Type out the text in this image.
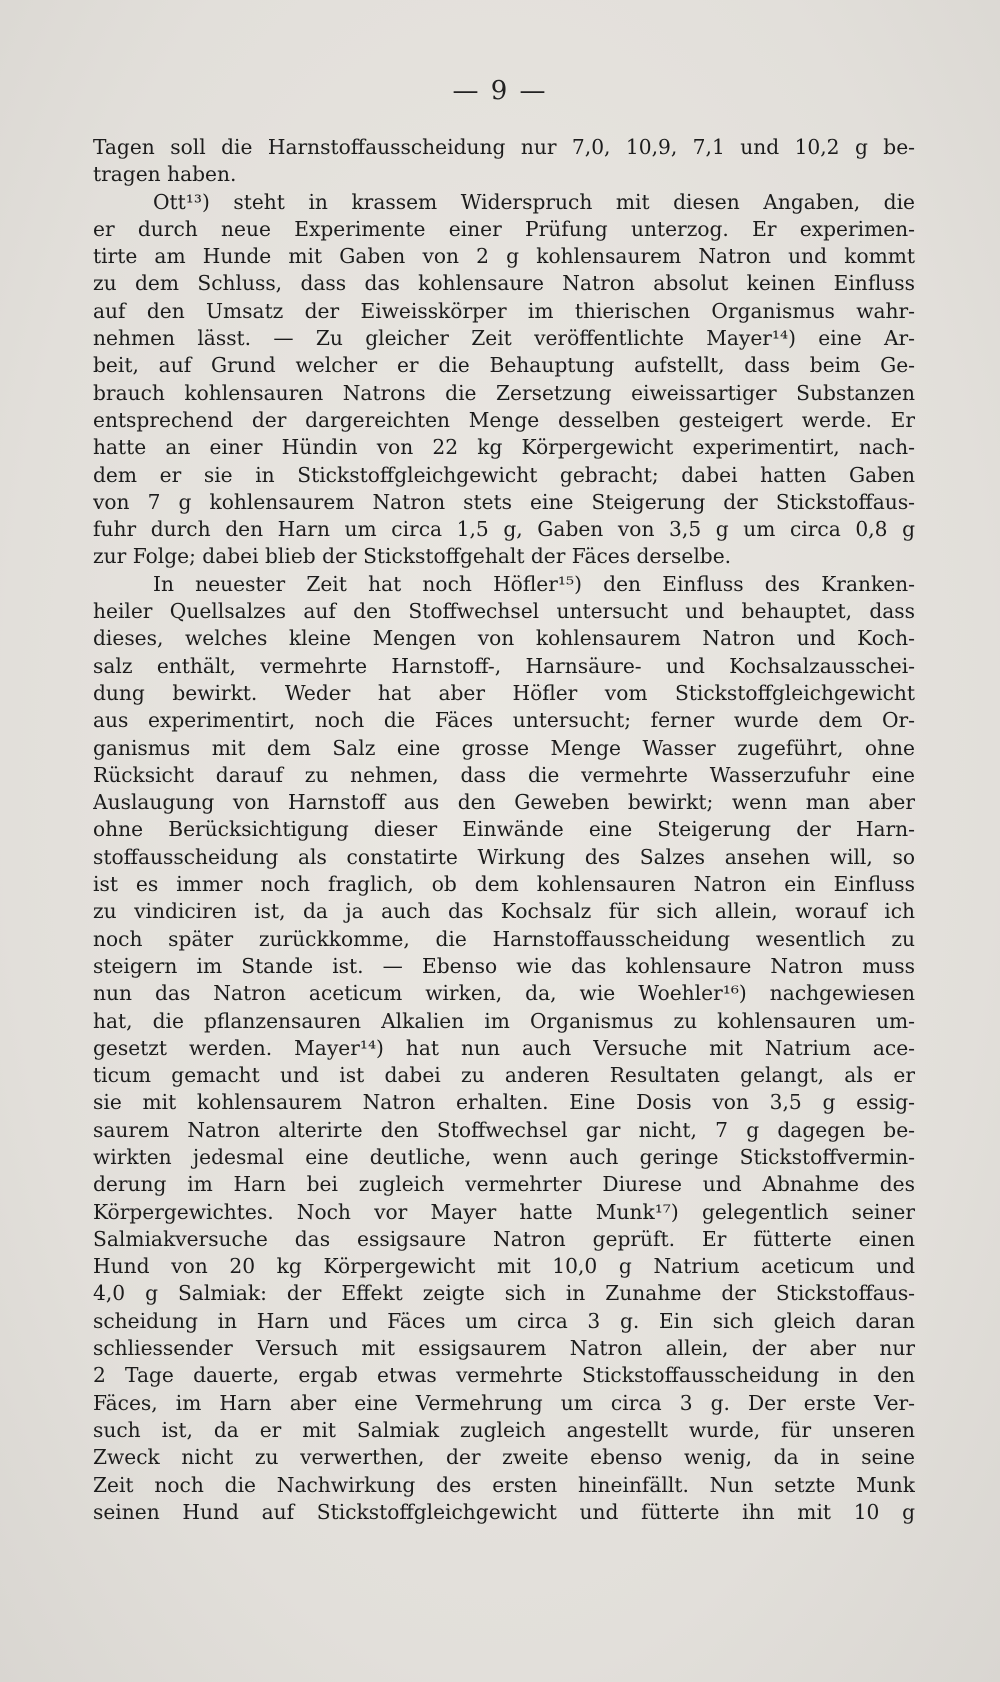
— 9 —
Tagen soll die Harnstoffausscheidung nur 7,0, 10,9, 7,1 und 10,2 g be-
tragen haben.
Ott¹³) steht in krassem Widerspruch mit diesen Angaben, die
er durch neue Experimente einer Prüfung unterzog. Er experimen-
tirte am Hunde mit Gaben von 2 g kohlensaurem Natron und kommt
zu dem Schluss, dass das kohlensaure Natron absolut keinen Einfluss
auf den Umsatz der Eiweisskörper im thierischen Organismus wahr-
nehmen lässt. — Zu gleicher Zeit veröffentlichte Mayer¹⁴) eine Ar-
beit, auf Grund welcher er die Behauptung aufstellt, dass beim Ge-
brauch kohlensauren Natrons die Zersetzung eiweissartiger Substanzen
entsprechend der dargereichten Menge desselben gesteigert werde. Er
hatte an einer Hündin von 22 kg Körpergewicht experimentirt, nach-
dem er sie in Stickstoffgleichgewicht gebracht; dabei hatten Gaben
von 7 g kohlensaurem Natron stets eine Steigerung der Stickstoffaus-
fuhr durch den Harn um circa 1,5 g, Gaben von 3,5 g um circa 0,8 g
zur Folge; dabei blieb der Stickstoffgehalt der Fäces derselbe.
In neuester Zeit hat noch Höfler¹⁵) den Einfluss des Kranken-
heiler Quellsalzes auf den Stoffwechsel untersucht und behauptet, dass
dieses, welches kleine Mengen von kohlensaurem Natron und Koch-
salz enthält, vermehrte Harnstoff-, Harnsäure- und Kochsalzausschei-
dung bewirkt. Weder hat aber Höfler vom Stickstoffgleichgewicht
aus experimentirt, noch die Fäces untersucht; ferner wurde dem Or-
ganismus mit dem Salz eine grosse Menge Wasser zugeführt, ohne
Rücksicht darauf zu nehmen, dass die vermehrte Wasserzufuhr eine
Auslaugung von Harnstoff aus den Geweben bewirkt; wenn man aber
ohne Berücksichtigung dieser Einwände eine Steigerung der Harn-
stoffausscheidung als constatirte Wirkung des Salzes ansehen will, so
ist es immer noch fraglich, ob dem kohlensauren Natron ein Einfluss
zu vindiciren ist, da ja auch das Kochsalz für sich allein, worauf ich
noch später zurückkomme, die Harnstoffausscheidung wesentlich zu
steigern im Stande ist. — Ebenso wie das kohlensaure Natron muss
nun das Natron aceticum wirken, da, wie Woehler¹⁶) nachgewiesen
hat, die pflanzensauren Alkalien im Organismus zu kohlensauren um-
gesetzt werden. Mayer¹⁴) hat nun auch Versuche mit Natrium ace-
ticum gemacht und ist dabei zu anderen Resultaten gelangt, als er
sie mit kohlensaurem Natron erhalten. Eine Dosis von 3,5 g essig-
saurem Natron alterirte den Stoffwechsel gar nicht, 7 g dagegen be-
wirkten jedesmal eine deutliche, wenn auch geringe Stickstoffvermin-
derung im Harn bei zugleich vermehrter Diurese und Abnahme des
Körpergewichtes. Noch vor Mayer hatte Munk¹⁷) gelegentlich seiner
Salmiakversuche das essigsaure Natron geprüft. Er fütterte einen
Hund von 20 kg Körpergewicht mit 10,0 g Natrium aceticum und
4,0 g Salmiak: der Effekt zeigte sich in Zunahme der Stickstoffaus-
scheidung in Harn und Fäces um circa 3 g. Ein sich gleich daran
schliessender Versuch mit essigsaurem Natron allein, der aber nur
2 Tage dauerte, ergab etwas vermehrte Stickstoffausscheidung in den
Fäces, im Harn aber eine Vermehrung um circa 3 g. Der erste Ver-
such ist, da er mit Salmiak zugleich angestellt wurde, für unseren
Zweck nicht zu verwerthen, der zweite ebenso wenig, da in seine
Zeit noch die Nachwirkung des ersten hineinfällt. Nun setzte Munk
seinen Hund auf Stickstoffgleichgewicht und fütterte ihn mit 10 g
